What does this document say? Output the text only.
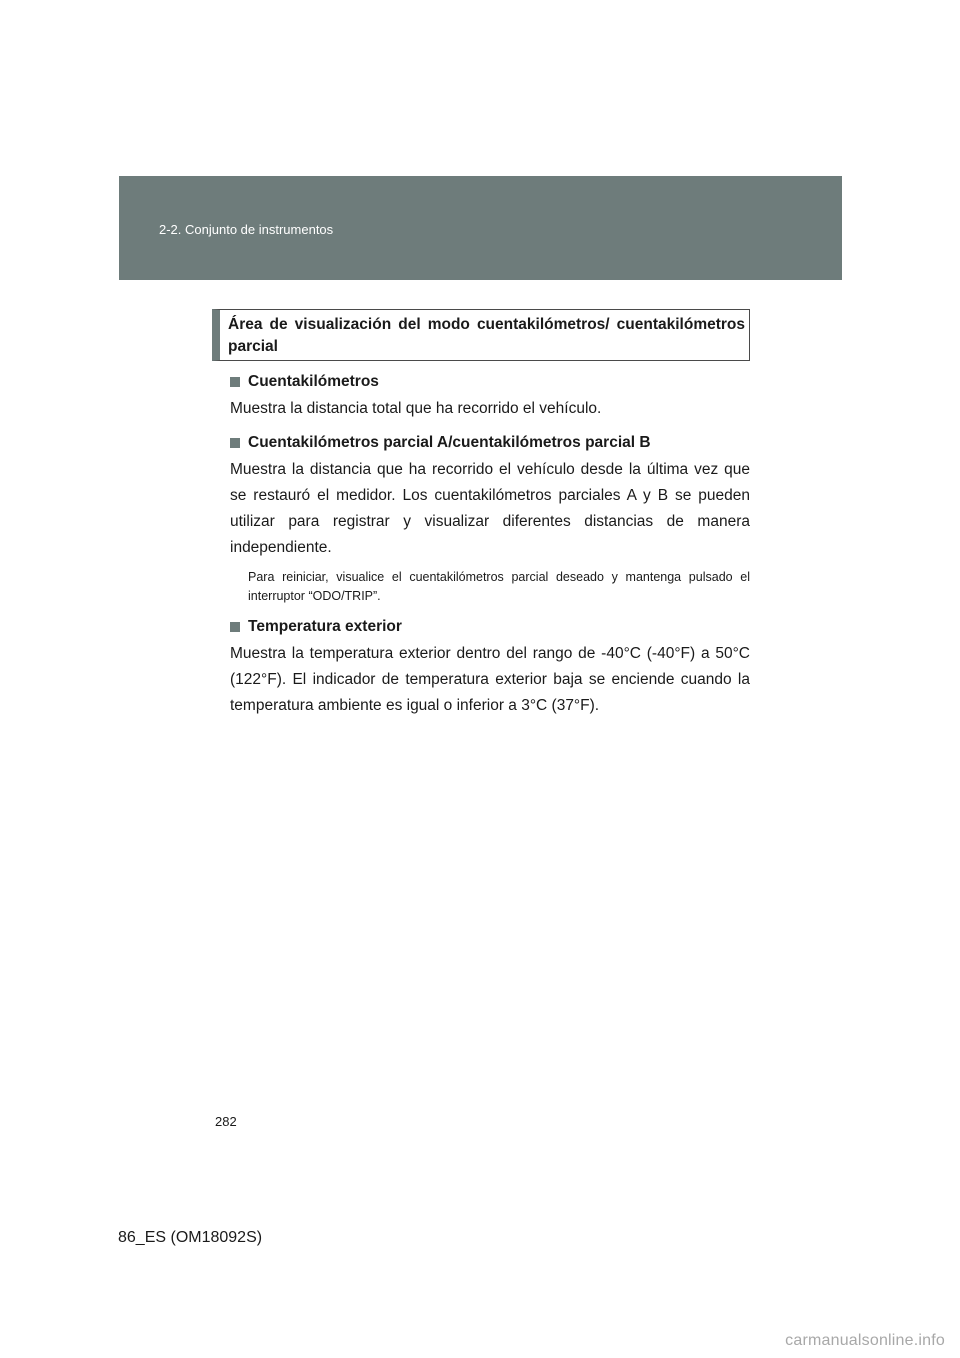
2-2. Conjunto de instrumentos
Área de visualización del modo cuentakilómetros/ cuentakilómetros parcial
Cuentakilómetros
Muestra la distancia total que ha recorrido el vehículo.
Cuentakilómetros parcial A/cuentakilómetros parcial B
Muestra la distancia que ha recorrido el vehículo desde la última vez que se restauró el medidor. Los cuentakilómetros parciales A y B se pueden utilizar para registrar y visualizar diferentes distancias de manera independiente.
Para reiniciar, visualice el cuentakilómetros parcial deseado y mantenga pulsado el interruptor “ODO/TRIP”.
Temperatura exterior
Muestra la temperatura exterior dentro del rango de -40°C (-40°F) a 50°C (122°F). El indicador de temperatura exterior baja se enciende cuando la temperatura ambiente es igual o inferior a 3°C (37°F).
282
86_ES (OM18092S)
carmanualsonline.info
